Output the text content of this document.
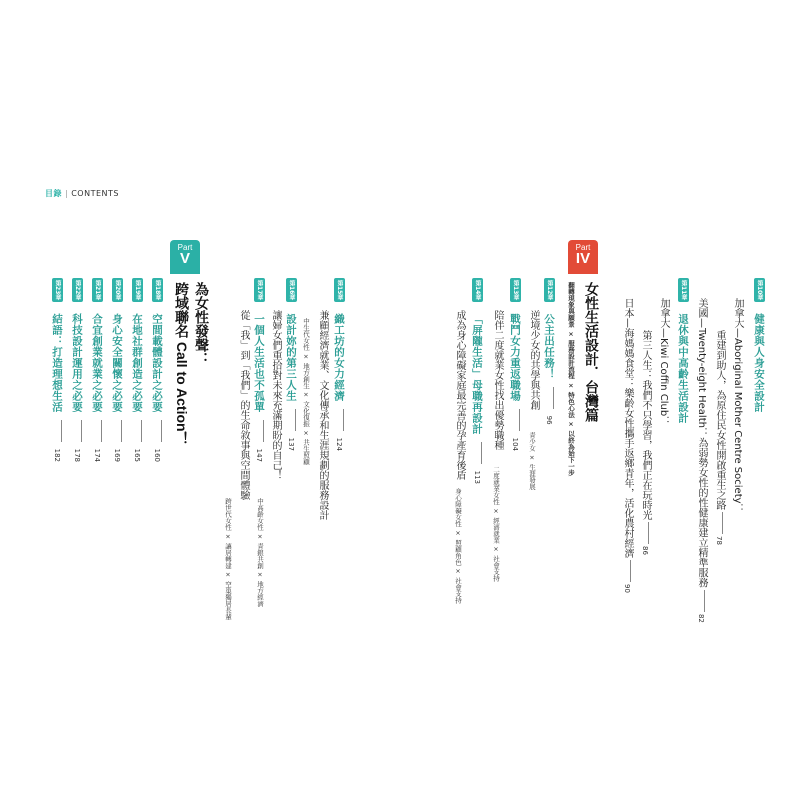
目錄 | CONTENTS
Part
V
為女性發聲：
跨域聯名 Call to Action！	第15章 織工坊的女力經濟  124
兼顧經濟就業、文化傳承和生涯規劃的服務設計
中生代女性 × 地方創生 × 文化復振 × 共生照顧
第16章 設計妳的第三人生  137
讓婦女們重拾對未來充滿期盼的自己！
中高齡女性 × 青銀共創 × 地方經濟
第17章 一個人生活也不孤單  147
從「我」到「我們」的生命敘事與空間體驗
跨世代女性 × 讓居轉建 × 空巢獨居長輩
第18章 空間載體設計之必要  160
第19章 在地社群創造之必要  165
第20章 身心安全關懷之必要  169
第21章 合宜創業就業之必要  174
第22章 科技設計運用之必要  178
第23章 結語：打造理想生活  182
Part
IV
女性生活設計．台灣篇
翻轉現象與願景 × 服務設計流程 × 特色心法 × 以終為始下一步
第12章 公主出任務！  96
逆境少女的共學與共創
青少女 × 生涯發展
第13章 戰鬥女力重返職場  104
陪伴二度就業女性找出優勢職種
二度就業女性 × 經濟就業 × 社會支持
第14章 「屏隴生活」母職再設計  113
成為身心障礙家庭最完善的孕產育後盾
身心障礙女性 × 照顧角色 × 社會支持
第10章 健康與人身安全設計
加拿大—Aboriginal Mother Centre Society：
重建到助人，為原住民女性開啟重生之路78
美國—Twenty-eight Health：為弱勢女性的性健康建立精準服務82
第11章 退休與中高齡生活設計
加拿大—Kiwi Coffin Club：
第三人生：我們不只學習，我們正在玩時光86
日本—海媽媽食堂：樂齡女性攜手返鄉青年，活化農村經濟90
